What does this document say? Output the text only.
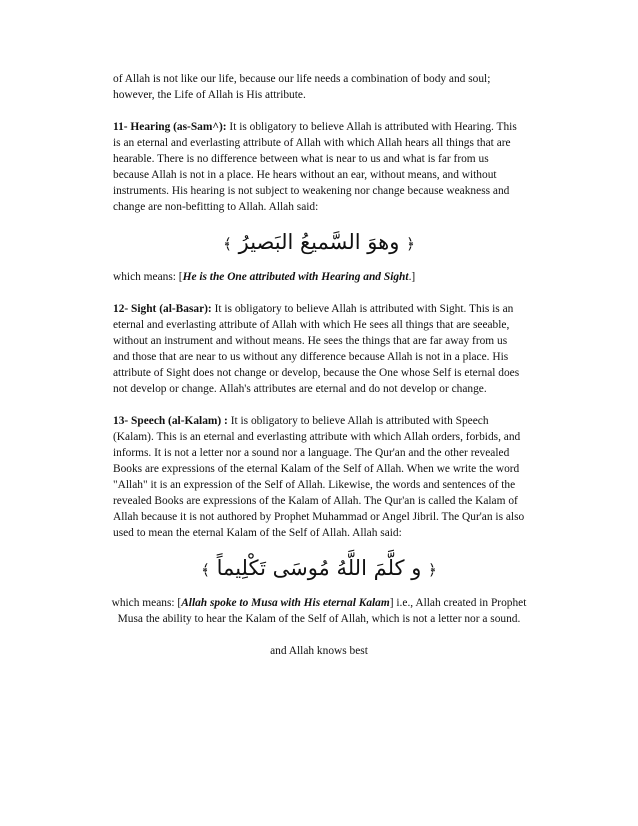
of Allah is not like our life, because our life needs a combination of body and soul; however, the Life of Allah is His attribute.

11- Hearing (as-Sam^): It is obligatory to believe Allah is attributed with Hearing. This is an eternal and everlasting attribute of Allah with which Allah hears all things that are hearable. There is no difference between what is near to us and what is far from us because Allah is not in a place. He hears without an ear, without means, and without instruments. His hearing is not subject to weakening nor change because weakness and change are non-befitting to Allah. Allah said:

﴿ وهوَ السَّميعُ البَصيرُ ﴾

which means: [He is the One attributed with Hearing and Sight.]

12- Sight (al-Basar): It is obligatory to believe Allah is attributed with Sight. This is an eternal and everlasting attribute of Allah with which He sees all things that are seeable, without an instrument and without means. He sees the things that are far away from us and those that are near to us without any difference because Allah is not in a place. His attribute of Sight does not change or develop, because the One whose Self is eternal does not develop or change. Allah's attributes are eternal and do not develop or change.

13- Speech (al-Kalam) : It is obligatory to believe Allah is attributed with Speech (Kalam). This is an eternal and everlasting attribute with which Allah orders, forbids, and informs. It is not a letter nor a sound nor a language. The Qur'an and the other revealed Books are expressions of the eternal Kalam of the Self of Allah. When we write the word "Allah" it is an expression of the Self of Allah. Likewise, the words and sentences of the revealed Books are expressions of the Kalam of Allah. The Qur'an is called the Kalam of Allah because it is not authored by Prophet Muhammad or Angel Jibril. The Qur'an is also used to mean the eternal Kalam of the Self of Allah. Allah said:

﴿ و كلَّمَ اللَّهُ مُوسَى تَكْلِيماً ﴾

which means: [Allah spoke to Musa with His eternal Kalam] i.e., Allah created in Prophet Musa the ability to hear the Kalam of the Self of Allah, which is not a letter nor a sound.

and Allah knows best
